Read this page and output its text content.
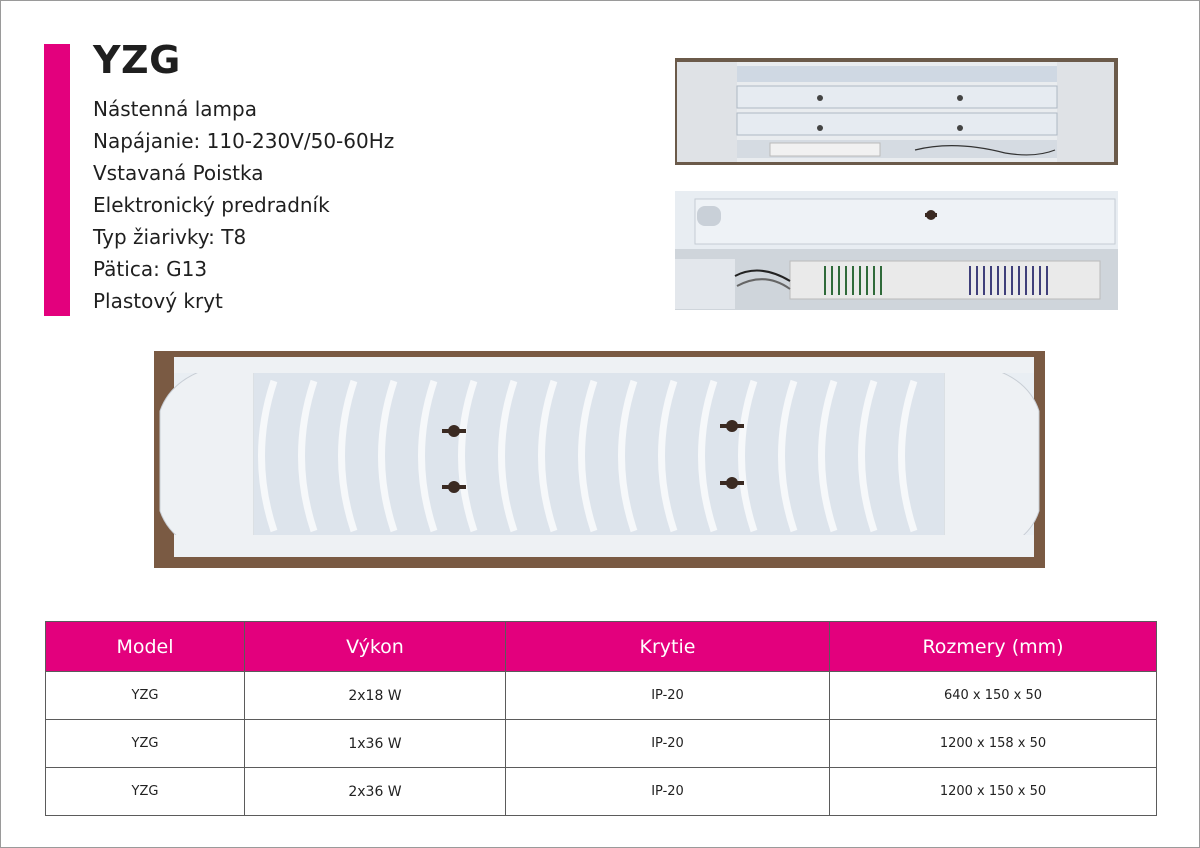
YZG
Nástenná lampa
Napájanie: 110-230V/50-60Hz
Vstavaná Poistka
Elektronický predradník
Typ žiarivky: T8
Pätica: G13
Plastový kryt
Model	Výkon	Krytie	Rozmery (mm)
YZG	2x18 W	IP-20	640 x 150 x 50
YZG	1x36 W	IP-20	1200 x 158 x 50
YZG	2x36 W	IP-20	1200 x 150 x 50
